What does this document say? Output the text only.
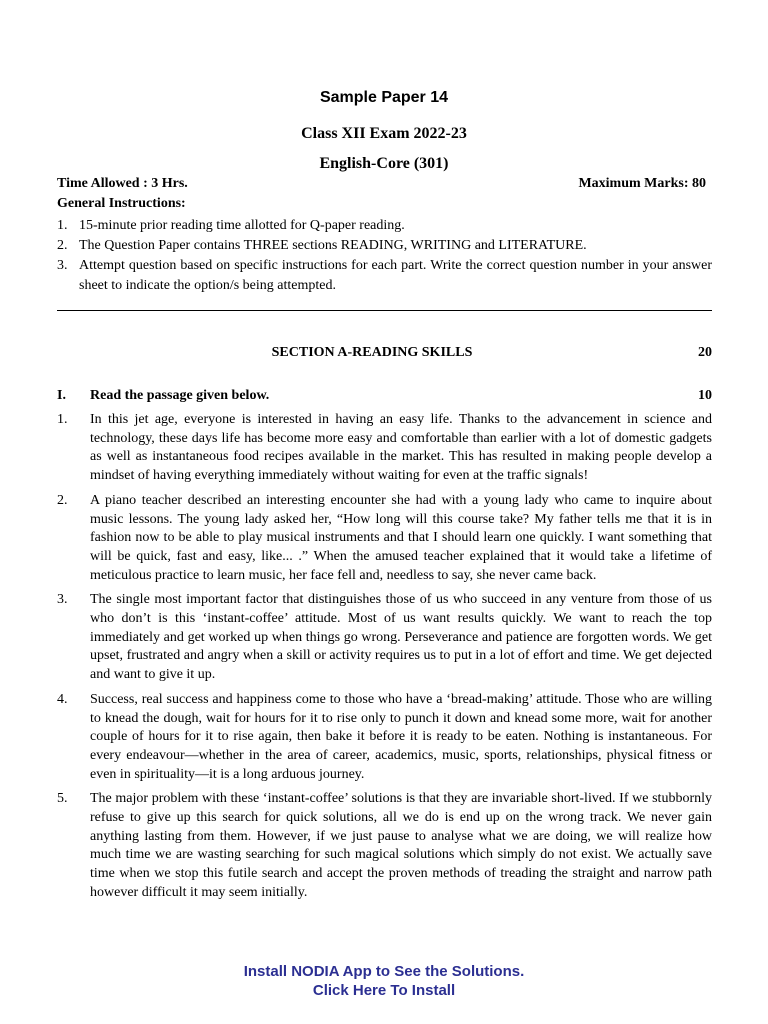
Sample Paper 14
Class XII Exam 2022-23
English-Core (301)
Time Allowed : 3 Hrs.	Maximum Marks: 80
General Instructions:
1. 15-minute prior reading time allotted for Q-paper reading.
2. The Question Paper contains THREE sections READING, WRITING and LITERATURE.
3. Attempt question based on specific instructions for each part. Write the correct question number in your answer sheet to indicate the option/s being attempted.
SECTION A-READING SKILLS	20
I. Read the passage given below.	10
1. In this jet age, everyone is interested in having an easy life. Thanks to the advancement in science and technology, these days life has become more easy and comfortable than earlier with a lot of domestic gadgets as well as instantaneous food recipes available in the market. This has resulted in making people develop a mindset of having everything immediately without waiting for even at the traffic signals!
2. A piano teacher described an interesting encounter she had with a young lady who came to inquire about music lessons. The young lady asked her, “How long will this course take? My father tells me that it is in fashion now to be able to play musical instruments and that I should learn one quickly. I want something that will be quick, fast and easy, like... .” When the amused teacher explained that it would take a lifetime of meticulous practice to learn music, her face fell and, needless to say, she never came back.
3. The single most important factor that distinguishes those of us who succeed in any venture from those of us who don’t is this ‘instant-coffee’ attitude. Most of us want results quickly. We want to reach the top immediately and get worked up when things go wrong. Perseverance and patience are forgotten words. We get upset, frustrated and angry when a skill or activity requires us to put in a lot of effort and time. We get dejected and want to give it up.
4. Success, real success and happiness come to those who have a ‘bread-making’ attitude. Those who are willing to knead the dough, wait for hours for it to rise only to punch it down and knead some more, wait for another couple of hours for it to rise again, then bake it before it is ready to be eaten. Nothing is instantaneous. For every endeavour—whether in the area of career, academics, music, sports, relationships, physical fitness or even in spirituality—it is a long arduous journey.
5. The major problem with these ‘instant-coffee’ solutions is that they are invariable short-lived. If we stubbornly refuse to give up this search for quick solutions, all we do is end up on the wrong track. We never gain anything lasting from them. However, if we just pause to analyse what we are doing, we will realize how much time we are wasting searching for such magical solutions which simply do not exist. We actually save time when we stop this futile search and accept the proven methods of treading the straight and narrow path however difficult it may seem initially.
Install NODIA App to See the Solutions.
Click Here To Install
